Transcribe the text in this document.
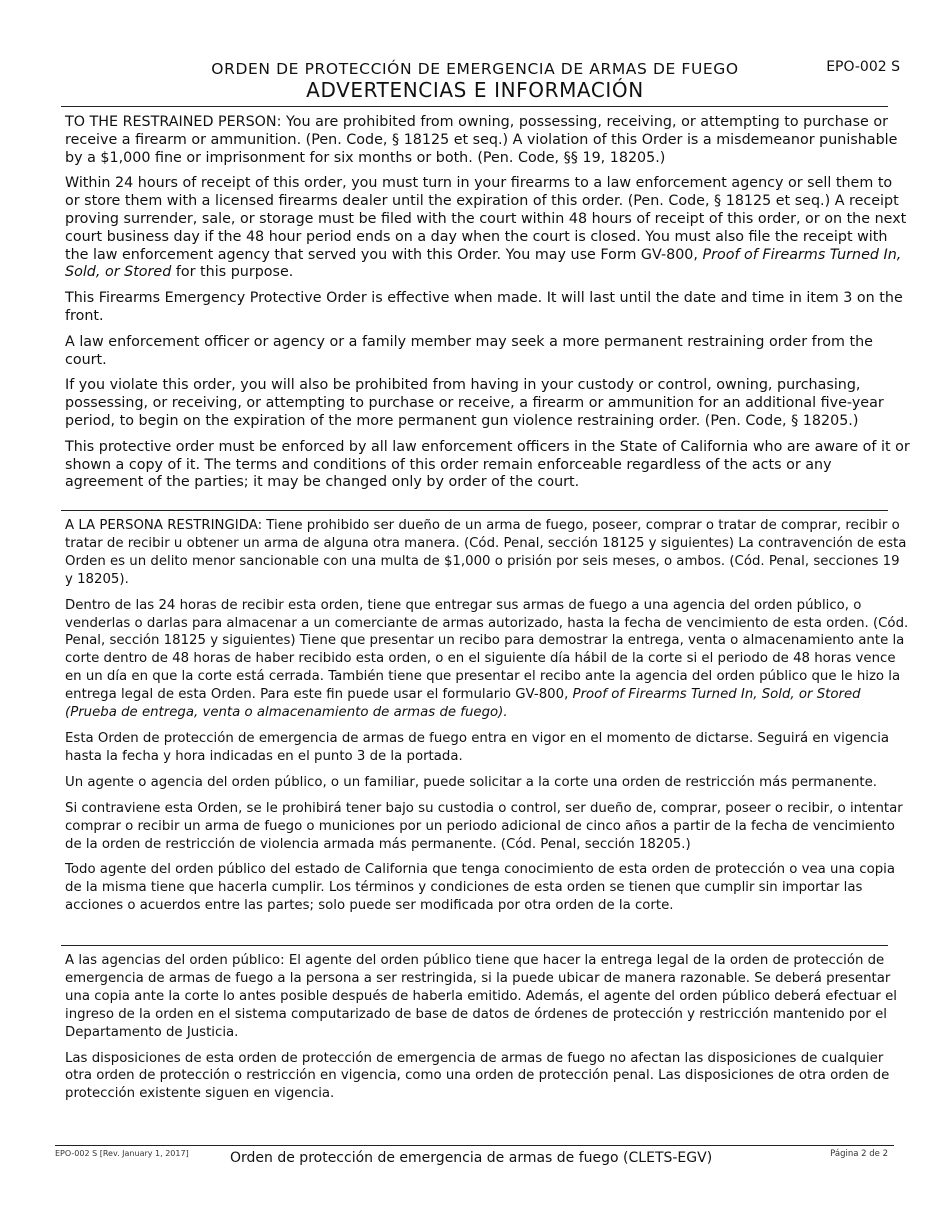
ORDEN DE PROTECCIÓN DE EMERGENCIA DE ARMAS DE FUEGO
ADVERTENCIAS E INFORMACIÓN
EPO-002 S

TO THE RESTRAINED PERSON: You are prohibited from owning, possessing, receiving, or attempting to purchase or receive a firearm or ammunition. (Pen. Code, § 18125 et seq.) A violation of this Order is a misdemeanor punishable by a $1,000 fine or imprisonment for six months or both. (Pen. Code, §§ 19, 18205.)

Within 24 hours of receipt of this order, you must turn in your firearms to a law enforcement agency or sell them to or store them with a licensed firearms dealer until the expiration of this order. (Pen. Code, § 18125 et seq.) A receipt proving surrender, sale, or storage must be filed with the court within 48 hours of receipt of this order, or on the next court business day if the 48 hour period ends on a day when the court is closed. You must also file the receipt with the law enforcement agency that served you with this Order. You may use Form GV-800, Proof of Firearms Turned In, Sold, or Stored for this purpose.

This Firearms Emergency Protective Order is effective when made. It will last until the date and time in item 3 on the front.

A law enforcement officer or agency or a family member may seek a more permanent restraining order from the court.

If you violate this order, you will also be prohibited from having in your custody or control, owning, purchasing, possessing, or receiving, or attempting to purchase or receive, a firearm or ammunition for an additional five-year period, to begin on the expiration of the more permanent gun violence restraining order. (Pen. Code, § 18205.)

This protective order must be enforced by all law enforcement officers in the State of California who are aware of it or shown a copy of it. The terms and conditions of this order remain enforceable regardless of the acts or any agreement of the parties; it may be changed only by order of the court.

A LA PERSONA RESTRINGIDA: Tiene prohibido ser dueño de un arma de fuego, poseer, comprar o tratar de comprar, recibir o tratar de recibir u obtener un arma de alguna otra manera. (Cód. Penal, sección 18125 y siguientes) La contravención de esta Orden es un delito menor sancionable con una multa de $1,000 o prisión por seis meses, o ambos. (Cód. Penal, secciones 19 y 18205).

Dentro de las 24 horas de recibir esta orden, tiene que entregar sus armas de fuego a una agencia del orden público, o venderlas o darlas para almacenar a un comerciante de armas autorizado, hasta la fecha de vencimiento de esta orden. (Cód. Penal, sección 18125 y siguientes) Tiene que presentar un recibo para demostrar la entrega, venta o almacenamiento ante la corte dentro de 48 horas de haber recibido esta orden, o en el siguiente día hábil de la corte si el periodo de 48 horas vence en un día en que la corte está cerrada. También tiene que presentar el recibo ante la agencia del orden público que le hizo la entrega legal de esta Orden. Para este fin puede usar el formulario GV-800, Proof of Firearms Turned In, Sold, or Stored (Prueba de entrega, venta o almacenamiento de armas de fuego).

Esta Orden de protección de emergencia de armas de fuego entra en vigor en el momento de dictarse. Seguirá en vigencia hasta la fecha y hora indicadas en el punto 3 de la portada.

Un agente o agencia del orden público, o un familiar, puede solicitar a la corte una orden de restricción más permanente.

Si contraviene esta Orden, se le prohibirá tener bajo su custodia o control, ser dueño de, comprar, poseer o recibir, o intentar comprar o recibir un arma de fuego o municiones por un periodo adicional de cinco años a partir de la fecha de vencimiento de la orden de restricción de violencia armada más permanente. (Cód. Penal, sección 18205.)

Todo agente del orden público del estado de California que tenga conocimiento de esta orden de protección o vea una copia de la misma tiene que hacerla cumplir. Los términos y condiciones de esta orden se tienen que cumplir sin importar las acciones o acuerdos entre las partes; solo puede ser modificada por otra orden de la corte.

A las agencias del orden público: El agente del orden público tiene que hacer la entrega legal de la orden de protección de emergencia de armas de fuego a la persona a ser restringida, si la puede ubicar de manera razonable. Se deberá presentar una copia ante la corte lo antes posible después de haberla emitido. Además, el agente del orden público deberá efectuar el ingreso de la orden en el sistema computarizado de base de datos de órdenes de protección y restricción mantenido por el Departamento de Justicia.

Las disposiciones de esta orden de protección de emergencia de armas de fuego no afectan las disposiciones de cualquier otra orden de protección o restricción en vigencia, como una orden de protección penal. Las disposiciones de otra orden de protección existente siguen en vigencia.

EPO-002 S [Rev. January 1, 2017]	Orden de protección de emergencia de armas de fuego (CLETS-EGV)	Página 2 de 2
